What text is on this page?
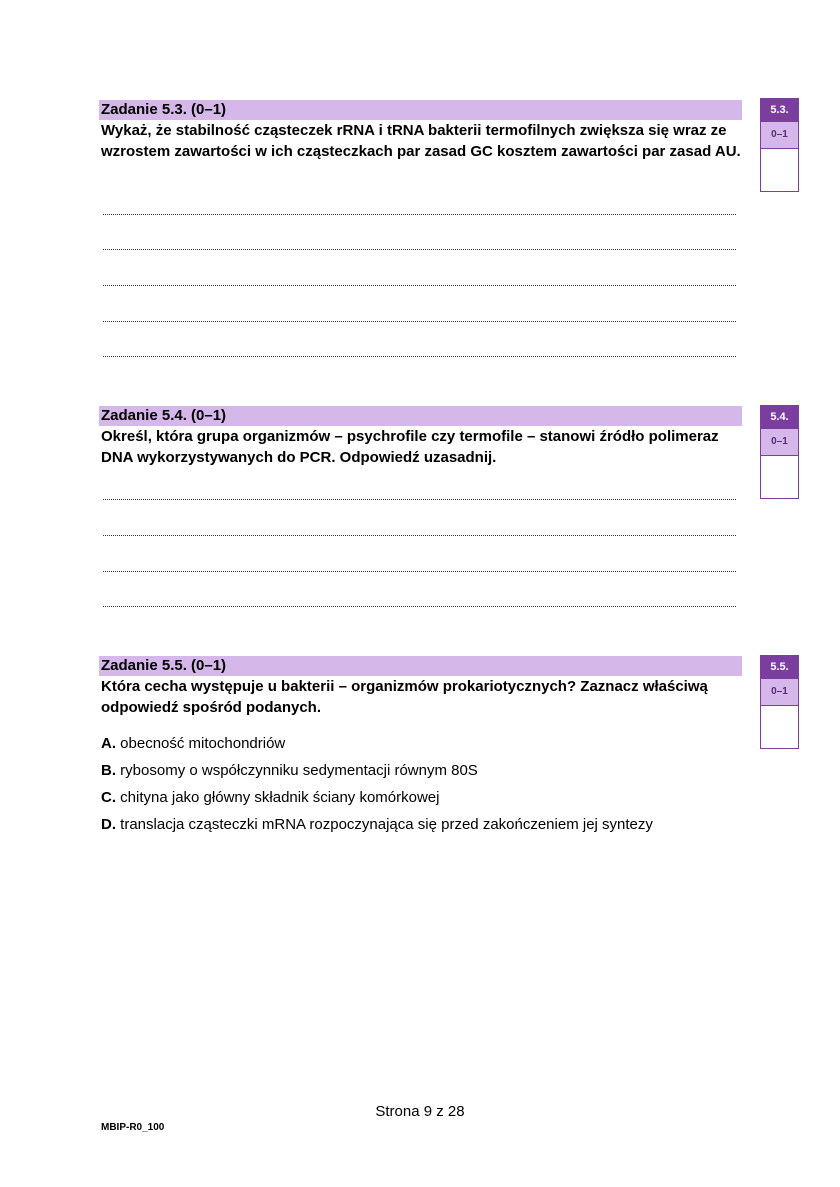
Zadanie 5.3. (0–1)
Wykaż, że stabilność cząsteczek rRNA i tRNA bakterii termofilnych zwiększa się wraz ze wzrostem zawartości w ich cząsteczkach par zasad GC kosztem zawartości par zasad AU.
5.3.
0–1
Zadanie 5.4. (0–1)
Określ, która grupa organizmów – psychrofile czy termofile – stanowi źródło polimeraz DNA wykorzystywanych do PCR. Odpowiedź uzasadnij.
5.4.
0–1
Zadanie 5.5. (0–1)
Która cecha występuje u bakterii – organizmów prokariotycznych? Zaznacz właściwą odpowiedź spośród podanych.
5.5.
0–1
A. obecność mitochondriów
B. rybosomy o współczynniku sedymentacji równym 80S
C. chityna jako główny składnik ściany komórkowej
D. translacja cząsteczki mRNA rozpoczynająca się przed zakończeniem jej syntezy
Strona 9 z 28
MBIP-R0_100
